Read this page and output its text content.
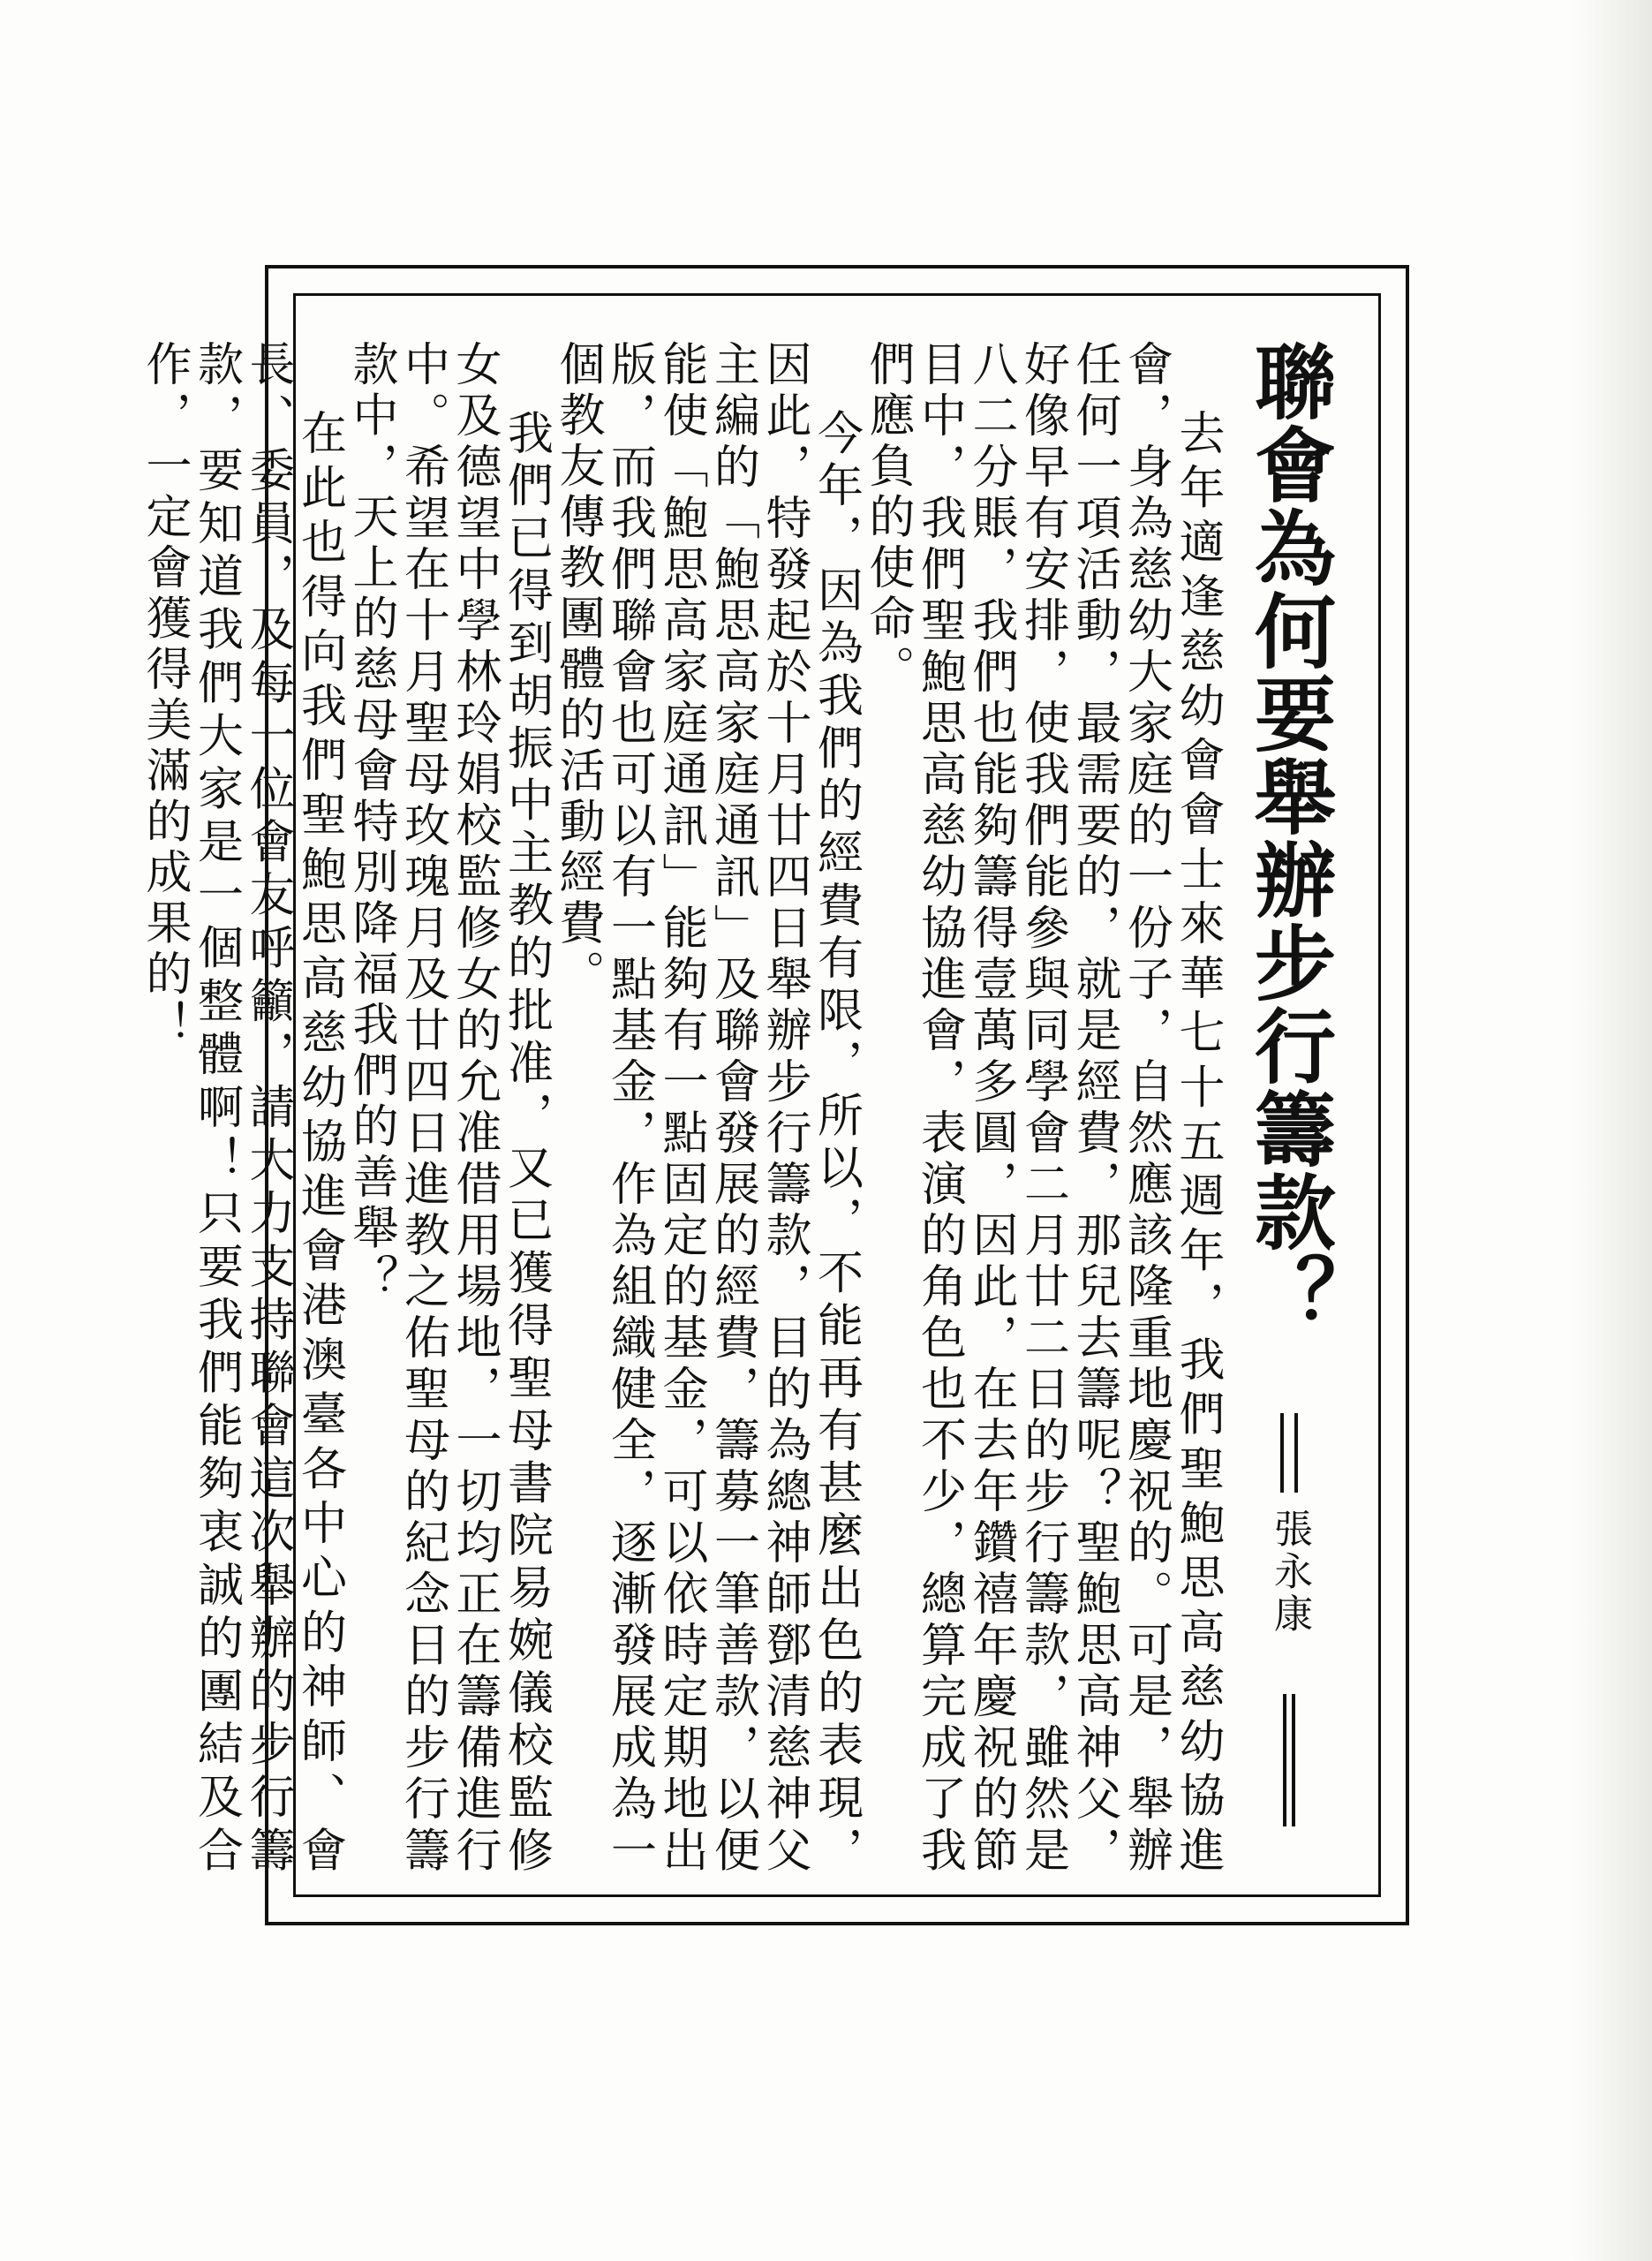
聯會為何要舉辦步行籌款？
張永康

去年適逢慈幼會會士來華七十五週年，我們聖鮑思高慈幼協進會，身為慈幼大家庭的一份子，自然應該隆重地慶祝的。可是，舉辦任何一項活動，最需要的，就是經費，那兒去籌呢？聖鮑思高神父，好像早有安排，使我們能參與同學會二月廿二日的步行籌款，雖然是八二分賬，我們也能夠籌得壹萬多圓，因此，在去年鑽禧年慶祝的節目中，我們聖鮑思高慈幼協進會，表演的角色也不少，總算完成了我們應負的使命。

今年，因為我們的經費有限，所以，不能再有甚麼出色的表現，因此，特發起於十月廿四日舉辦步行籌款，目的為總神師鄧清慈神父主編的「鮑思高家庭通訊」及聯會發展的經費，籌募一筆善款，以便能使「鮑思高家庭通訊」能夠有一點固定的基金，可以依時定期地出版，而我們聯會也可以有一點基金，作為組織健全，逐漸發展成為一個教友傳教團體的活動經費。

我們已得到胡振中主教的批准，又已獲得聖母書院易婉儀校監修女及德望中學林玲娟校監修女的允准借用場地，一切均正在籌備進行中。希望在十月聖母玫瑰月及廿四日進教之佑聖母的紀念日的步行籌款中，天上的慈母會特別降福我們的善舉？

在此也得向我們聖鮑思高慈幼協進會港澳臺各中心的神師、會長、委員，及每一位會友呼籲，請大力支持聯會這次舉辦的步行籌款，要知道我們大家是一個整體啊！只要我們能夠衷誠的團結及合作，一定會獲得美滿的成果的！
